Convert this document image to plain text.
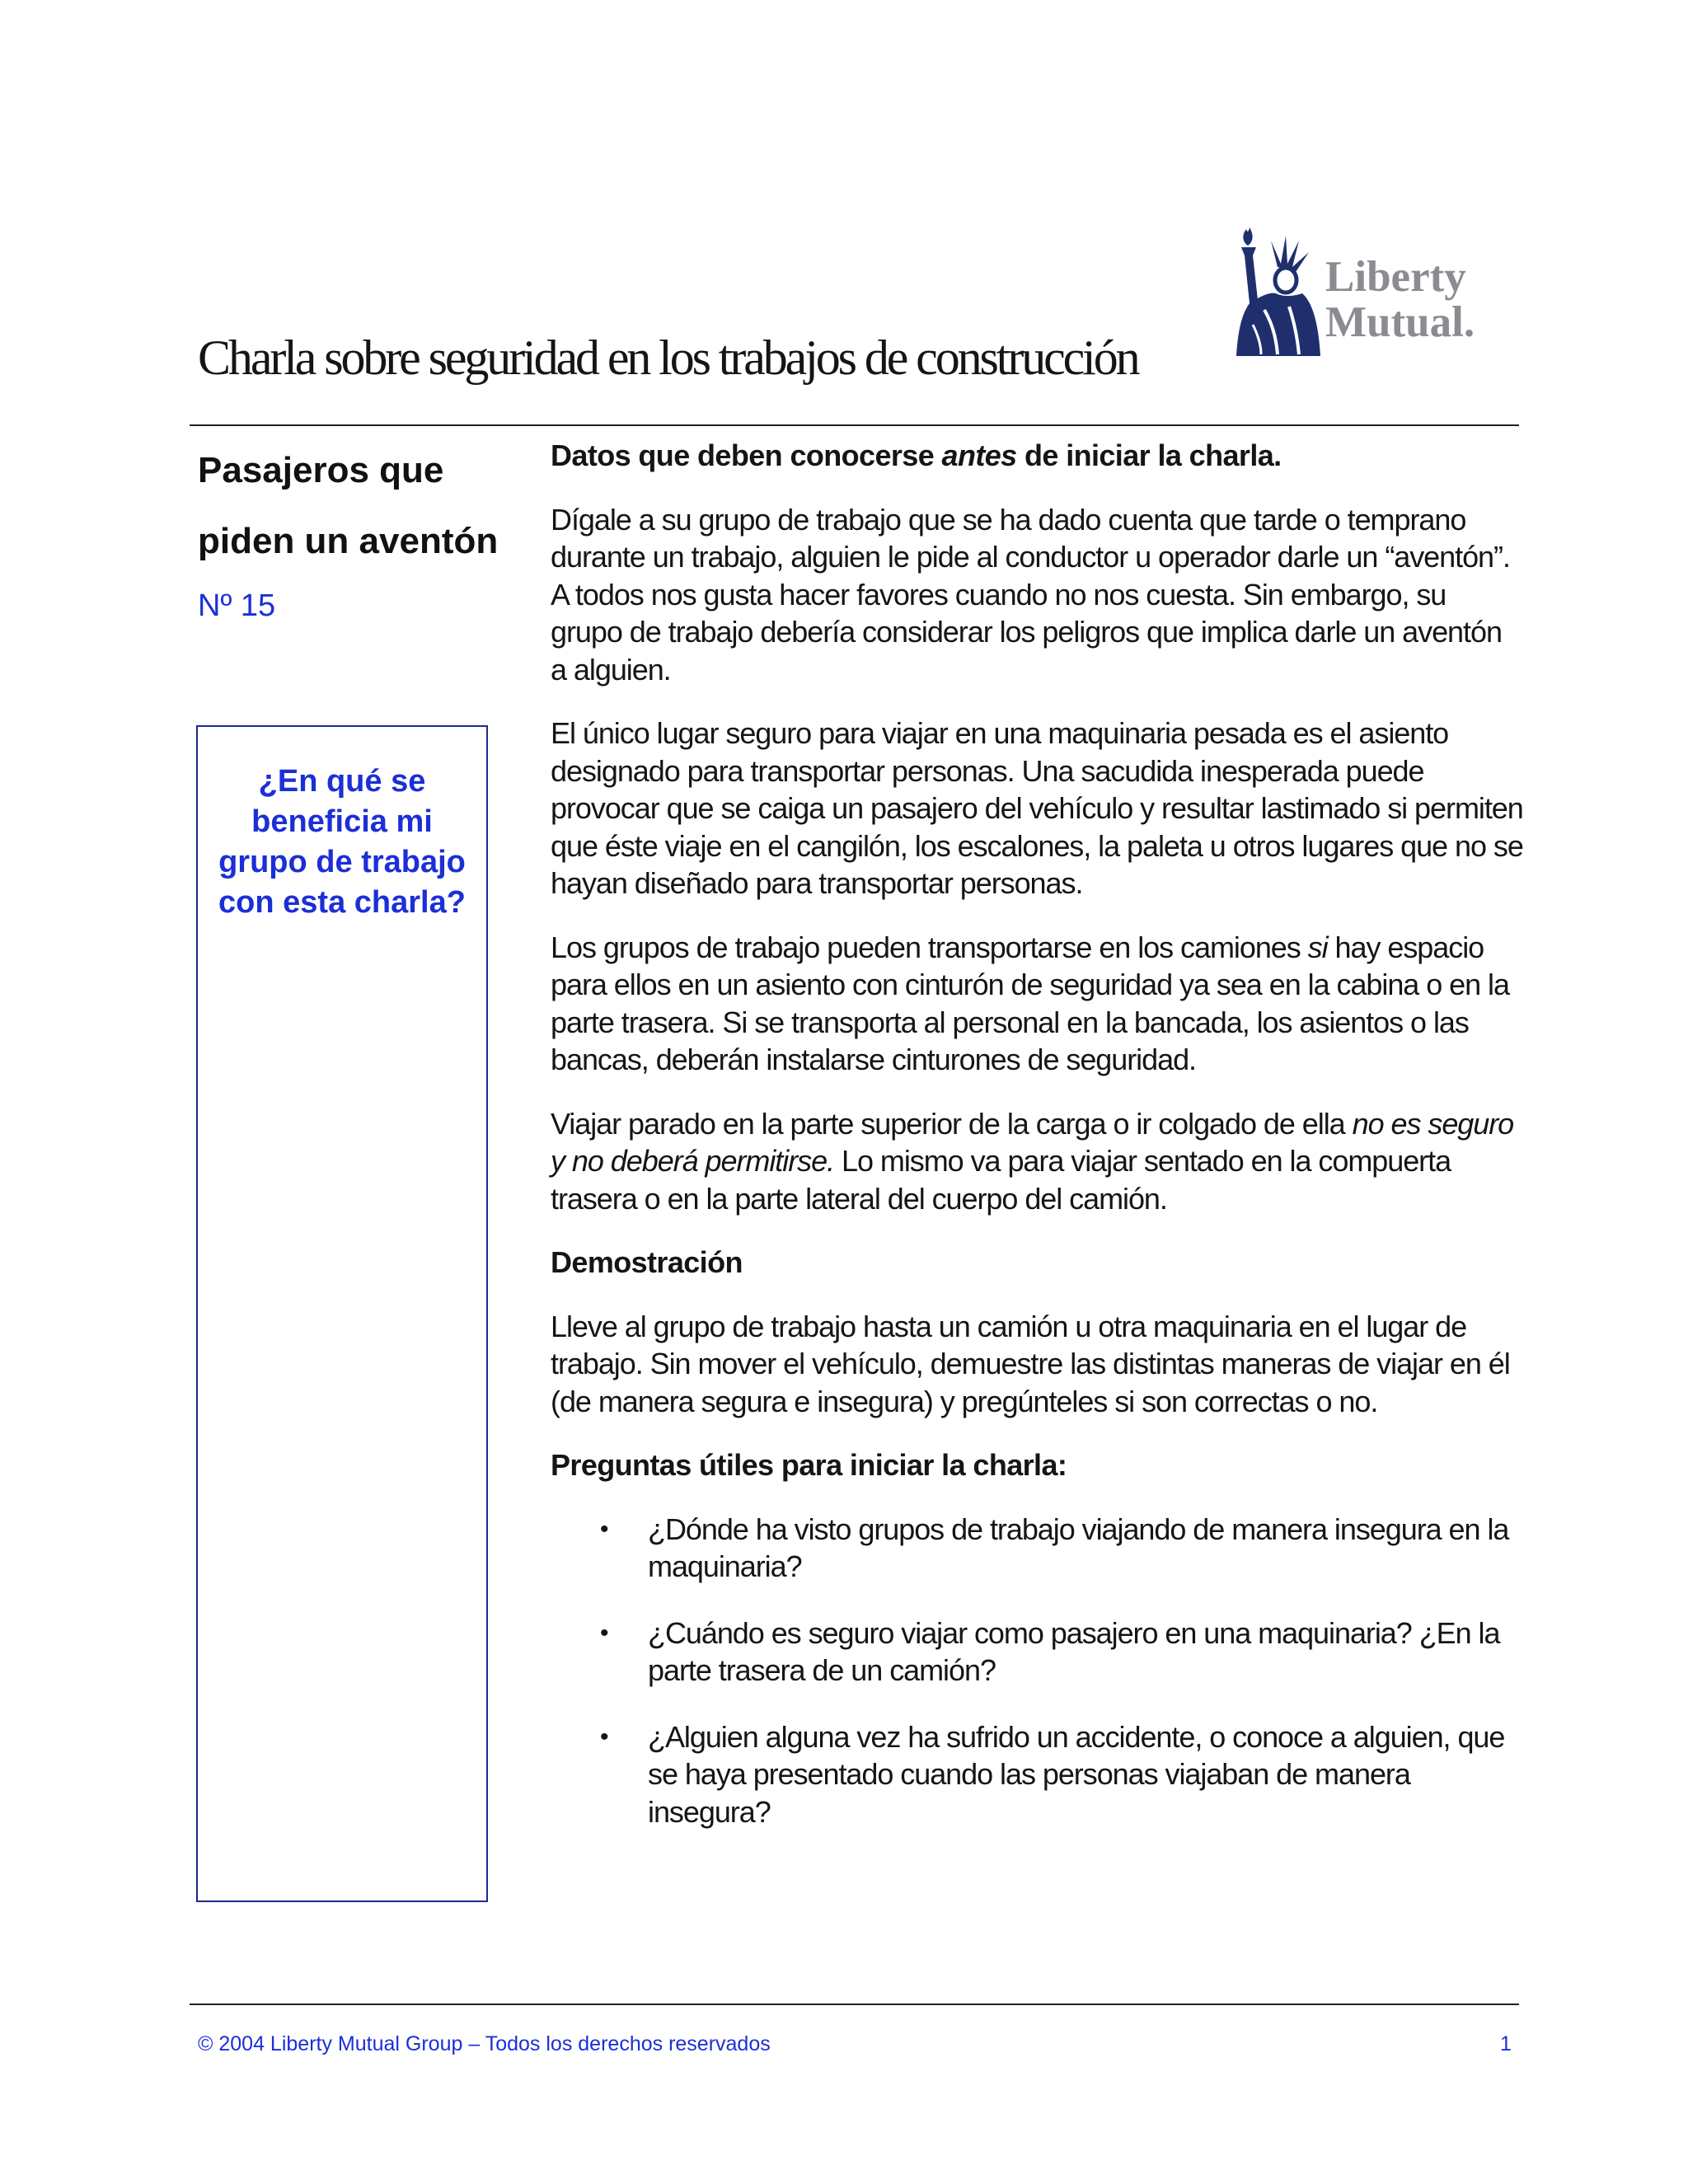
Liberty
Mutual.
Charla sobre seguridad en los trabajos de construcción

Pasajeros que piden un aventón

Nº 15

¿En qué se beneficia mi grupo de trabajo con esta charla?

Datos que deben conocerse antes de iniciar la charla.

Dígale a su grupo de trabajo que se ha dado cuenta que tarde o temprano durante un trabajo, alguien le pide al conductor u operador darle un “aventón”. A todos nos gusta hacer favores cuando no nos cuesta. Sin embargo, su grupo de trabajo debería considerar los peligros que implica darle un aventón a alguien.

El único lugar seguro para viajar en una maquinaria pesada es el asiento designado para transportar personas. Una sacudida inesperada puede provocar que se caiga un pasajero del vehículo y resultar lastimado si permiten que éste viaje en el cangilón, los escalones, la paleta u otros lugares que no se hayan diseñado para transportar personas.

Los grupos de trabajo pueden transportarse en los camiones si hay espacio para ellos en un asiento con cinturón de seguridad ya sea en la cabina o en la parte trasera. Si se transporta al personal en la bancada, los asientos o las bancas, deberán instalarse cinturones de seguridad.

Viajar parado en la parte superior de la carga o ir colgado de ella no es seguro y no deberá permitirse. Lo mismo va para viajar sentado en la compuerta trasera o en la parte lateral del cuerpo del camión.

Demostración

Lleve al grupo de trabajo hasta un camión u otra maquinaria en el lugar de trabajo. Sin mover el vehículo, demuestre las distintas maneras de viajar en él (de manera segura e insegura) y pregúnteles si son correctas o no.

Preguntas útiles para iniciar la charla:

• ¿Dónde ha visto grupos de trabajo viajando de manera insegura en la maquinaria?
• ¿Cuándo es seguro viajar como pasajero en una maquinaria? ¿En la parte trasera de un camión?
• ¿Alguien alguna vez ha sufrido un accidente, o conoce a alguien, que se haya presentado cuando las personas viajaban de manera insegura?
© 2004 Liberty Mutual Group – Todos los derechos reservados	1
